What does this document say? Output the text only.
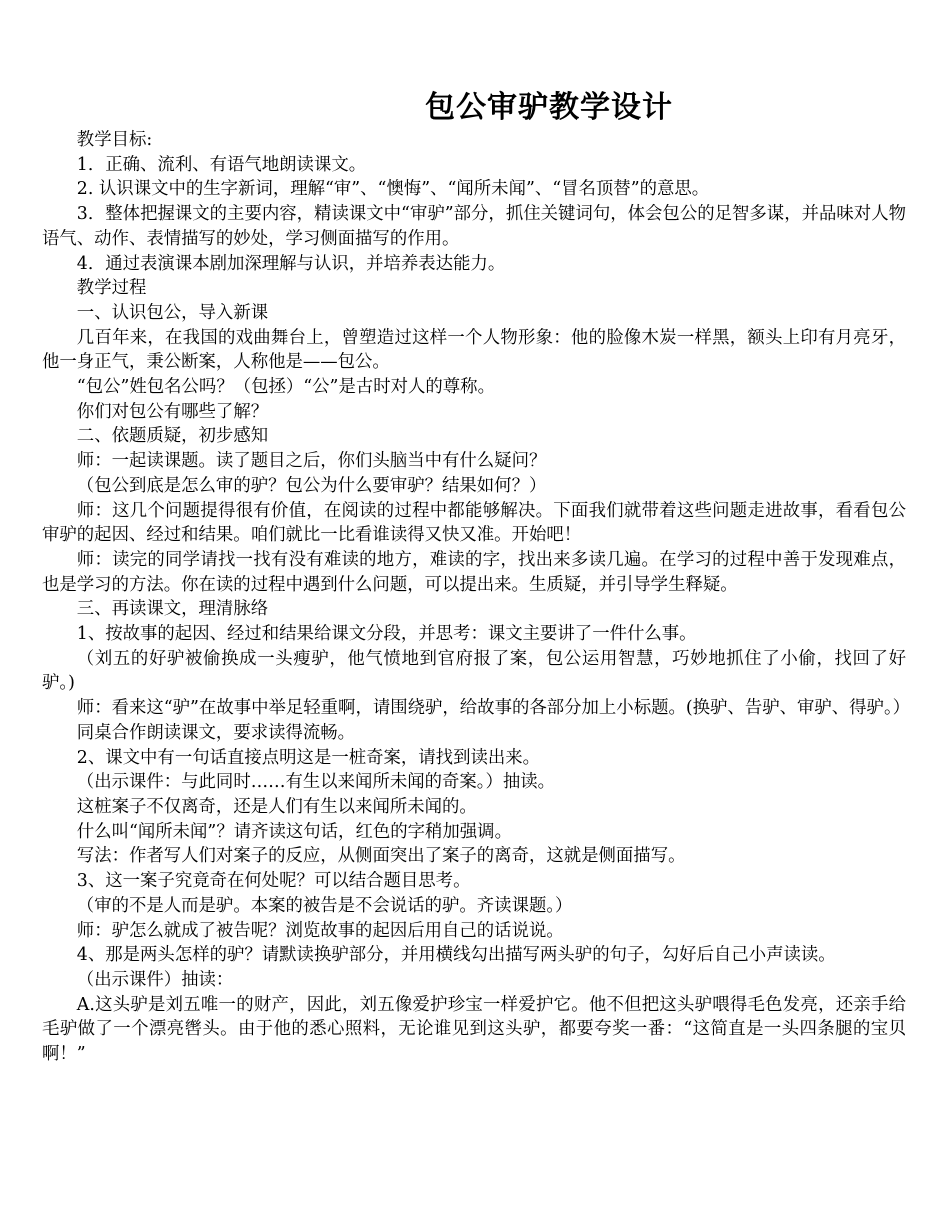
包公审驴教学设计

教学目标:

1．正确、流利、有语气地朗读课文。

2. 认识课文中的生字新词，理解“审”、“懊悔”、“闻所未闻”、“冒名顶替”的意思。

3．整体把握课文的主要内容，精读课文中“审驴”部分，抓住关键词句，体会包公的足智多谋，并品味对人物语气、动作、表情描写的妙处，学习侧面描写的作用。

4．通过表演课本剧加深理解与认识，并培养表达能力。

教学过程

一、认识包公，导入新课

几百年来，在我国的戏曲舞台上，曾塑造过这样一个人物形象：他的脸像木炭一样黑，额头上印有月亮牙，他一身正气，秉公断案，人称他是——包公。

“包公”姓包名公吗？（包拯）“公”是古时对人的尊称。

你们对包公有哪些了解？

二、依题质疑，初步感知

师：一起读课题。读了题目之后，你们头脑当中有什么疑问？

（包公到底是怎么审的驴？包公为什么要审驴？结果如何？）

师：这几个问题提得很有价值，在阅读的过程中都能够解决。下面我们就带着这些问题走进故事，看看包公审驴的起因、经过和结果。咱们就比一比看谁读得又快又准。开始吧！

师：读完的同学请找一找有没有难读的地方，难读的字，找出来多读几遍。在学习的过程中善于发现难点，也是学习的方法。你在读的过程中遇到什么问题，可以提出来。生质疑，并引导学生释疑。

三、再读课文，理清脉络

1、按故事的起因、经过和结果给课文分段，并思考：课文主要讲了一件什么事。

（刘五的好驴被偷换成一头瘦驴，他气愤地到官府报了案，包公运用智慧，巧妙地抓住了小偷，找回了好驴。)

师：看来这“驴”在故事中举足轻重啊，请围绕驴，给故事的各部分加上小标题。(换驴、告驴、审驴、得驴。）

同桌合作朗读课文，要求读得流畅。

2、课文中有一句话直接点明这是一桩奇案，请找到读出来。

（出示课件：与此同时……有生以来闻所未闻的奇案。）抽读。

这桩案子不仅离奇，还是人们有生以来闻所未闻的。

什么叫“闻所未闻”？请齐读这句话，红色的字稍加强调。

写法：作者写人们对案子的反应，从侧面突出了案子的离奇，这就是侧面描写。

3、这一案子究竟奇在何处呢？可以结合题目思考。

（审的不是人而是驴。本案的被告是不会说话的驴。齐读课题。）

师：驴怎么就成了被告呢？浏览故事的起因后用自己的话说说。

4、那是两头怎样的驴？请默读换驴部分，并用横线勾出描写两头驴的句子，勾好后自己小声读读。

（出示课件）抽读：

A.这头驴是刘五唯一的财产，因此，刘五像爱护珍宝一样爱护它。他不但把这头驴喂得毛色发亮，还亲手给毛驴做了一个漂亮辔头。由于他的悉心照料，无论谁见到这头驴，都要夸奖一番：“这简直是一头四条腿的宝贝啊！”
